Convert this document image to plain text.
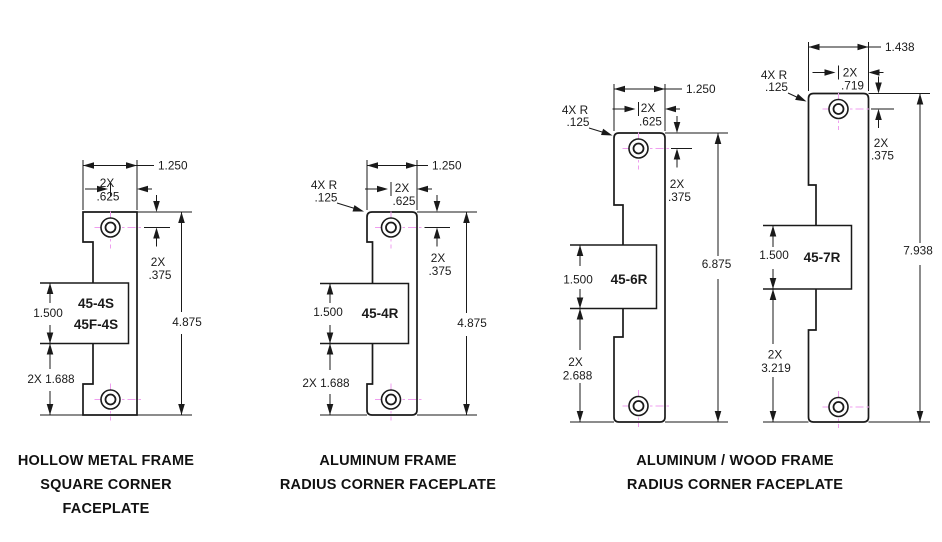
1.250
2X
.625
2X
.375
4.875
1.500
2X 1.688
45-4S
45F-4S
1.250
2X
.625
2X
.375
4.875
1.500
2X 1.688
4X R
.125
45-4R
1.250
2X
.625
2X
.375
6.875
1.500
2X
2.688
4X R
.125
45-6R
1.438
2X
.719
2X
.375
7.938
1.500
2X
3.219
4X R
.125
45-7R
HOLLOW METAL FRAME
SQUARE CORNER FACEPLATE
ALUMINUM FRAME
RADIUS CORNER FACEPLATE
ALUMINUM / WOOD FRAME
RADIUS CORNER FACEPLATE
